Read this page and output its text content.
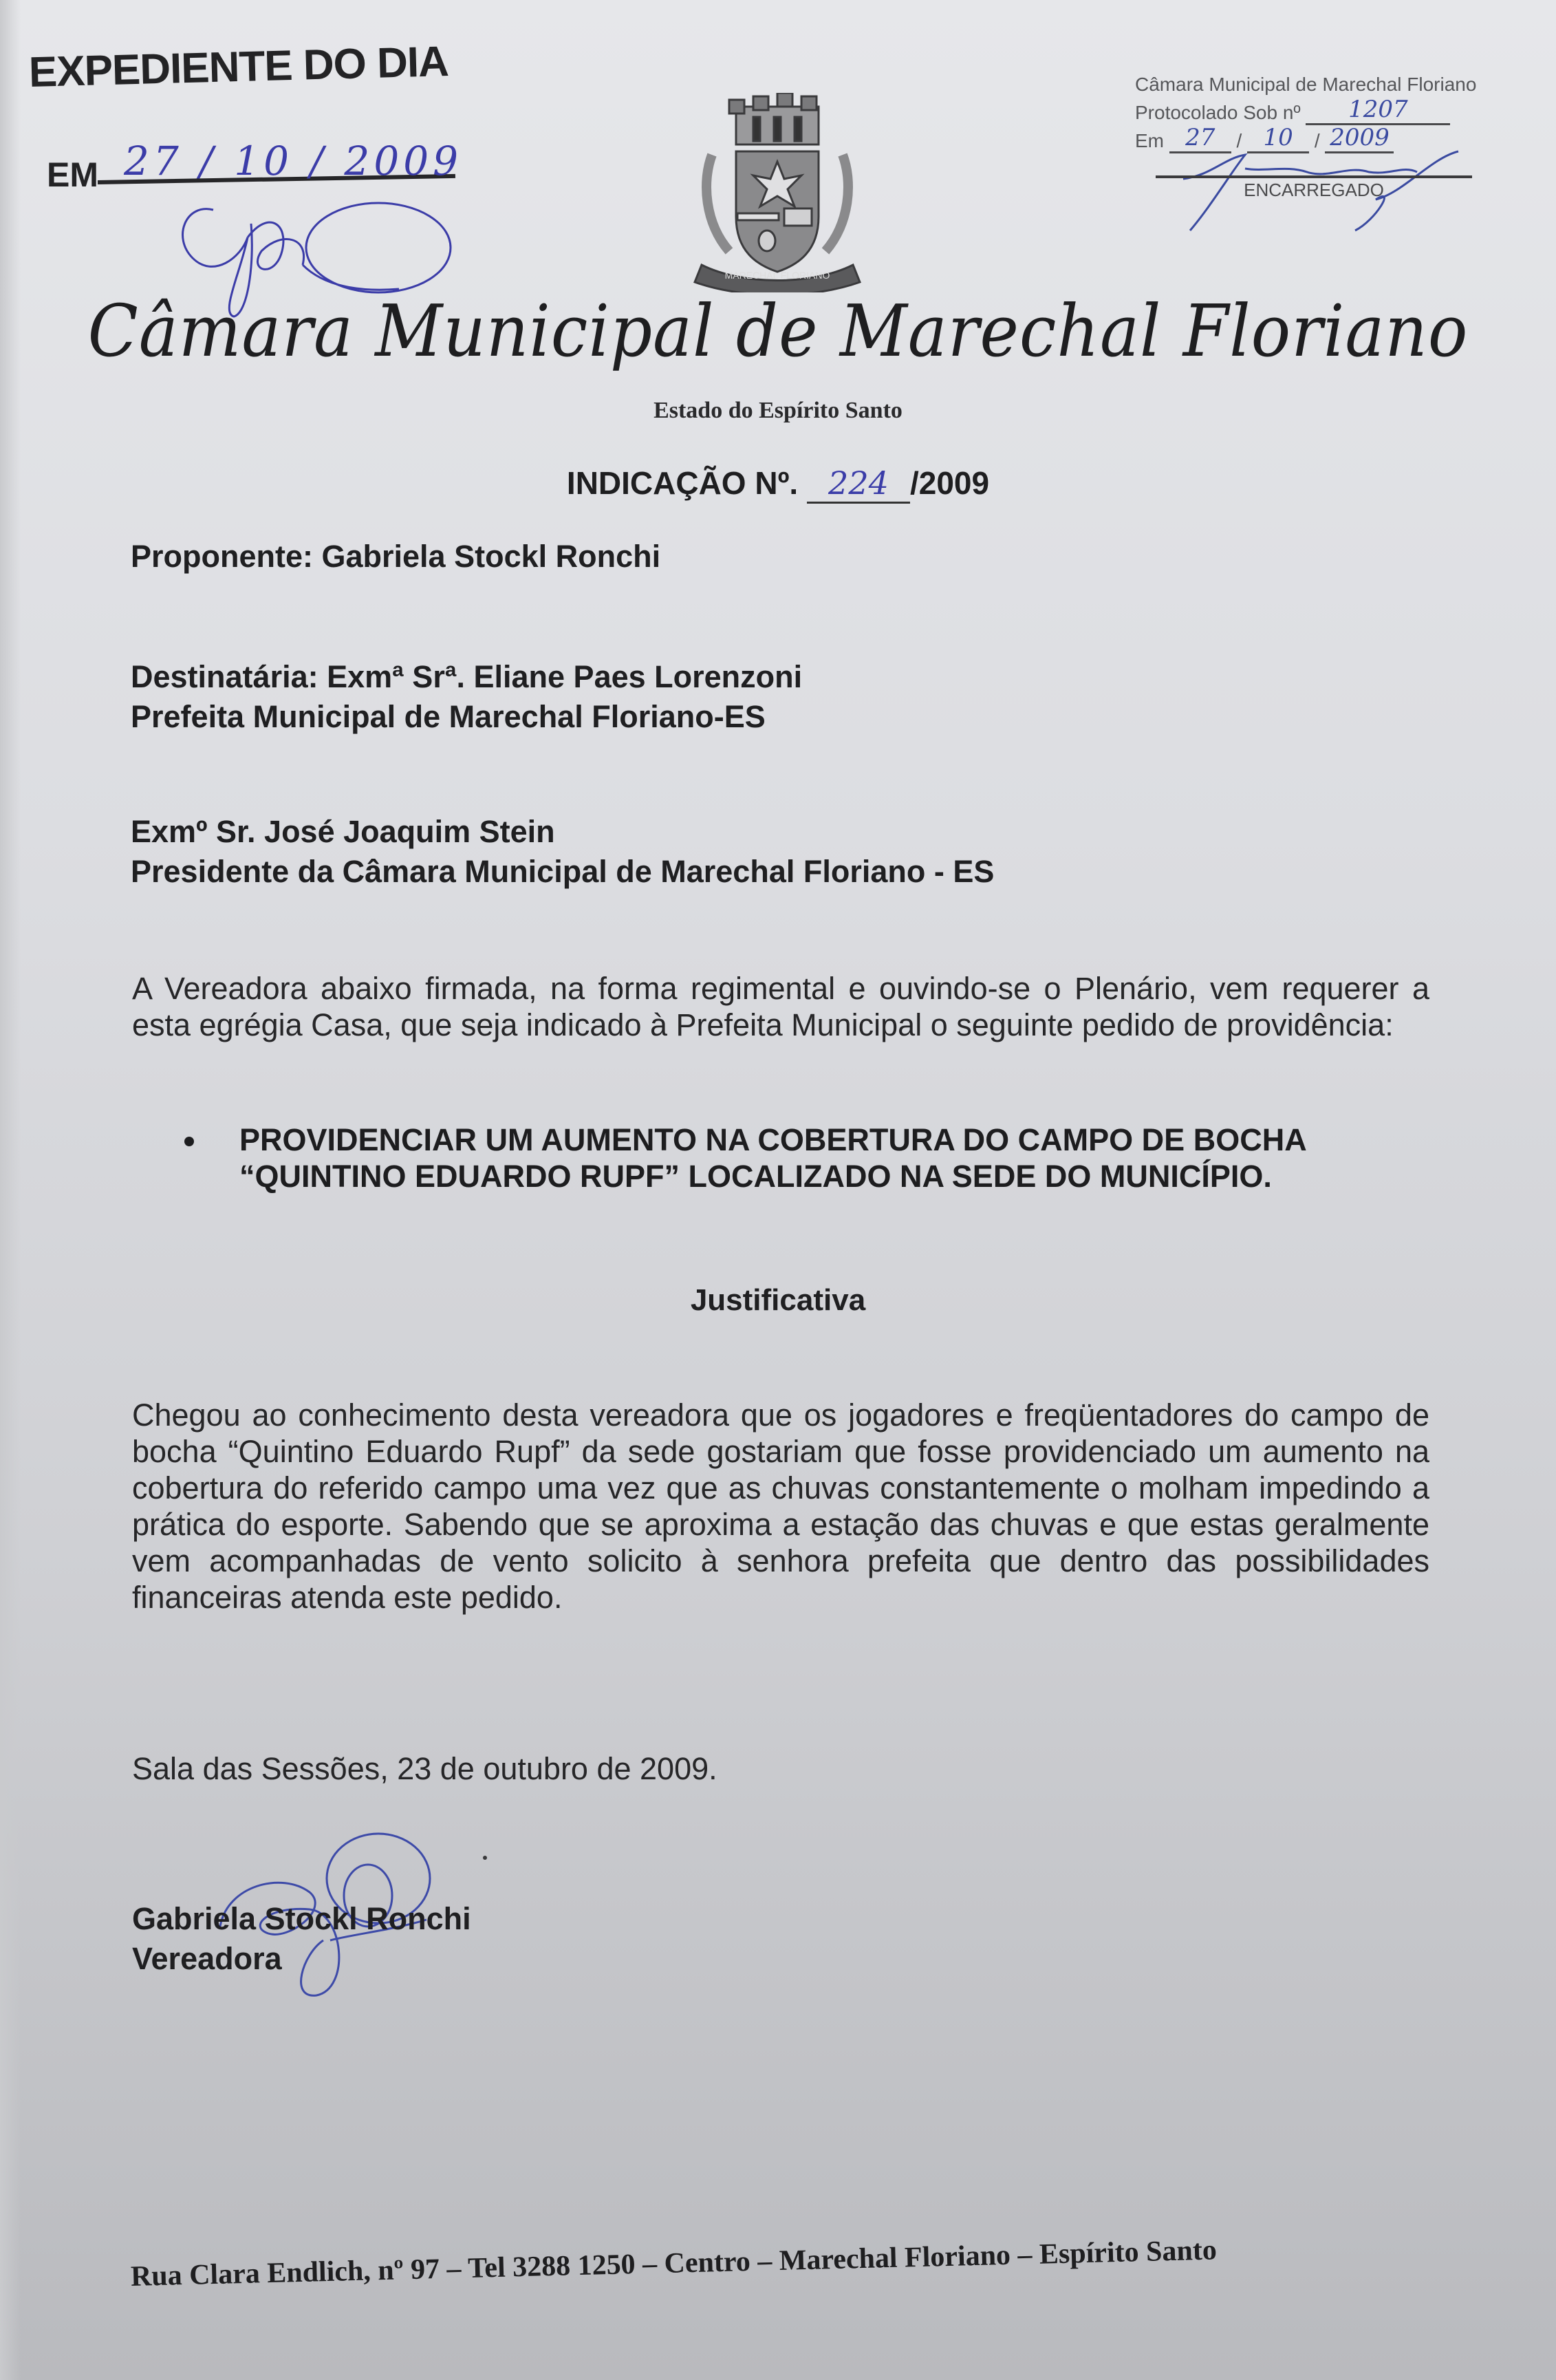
EXPEDIENTE DO DIA
EM 27 / 10 / 2009
Câmara Municipal de Marechal Floriano
Protocolado Sob nº 1207
Em 27 / 10 / 2009
ENCARREGADO
MARECHAL FLORIANO
Câmara Municipal de Marechal Floriano
Estado do Espírito Santo
INDICAÇÃO Nº. 224 /2009
Proponente: Gabriela Stockl Ronchi
Destinatária: Exmª Srª. Eliane Paes Lorenzoni
Prefeita Municipal de Marechal Floriano-ES
Exmº Sr. José Joaquim Stein
Presidente da Câmara Municipal de Marechal Floriano - ES
A Vereadora abaixo firmada, na forma regimental e ouvindo-se o Plenário, vem requerer a esta egrégia Casa, que seja indicado à Prefeita Municipal o seguinte pedido de providência:
PROVIDENCIAR UM AUMENTO NA COBERTURA DO CAMPO DE BOCHA “QUINTINO EDUARDO RUPF” LOCALIZADO NA SEDE DO MUNICÍPIO.
Justificativa
Chegou ao conhecimento desta vereadora que os jogadores e freqüentadores do campo de bocha “Quintino Eduardo Rupf” da sede gostariam que fosse providenciado um aumento na cobertura do referido campo uma vez que as chuvas constantemente o molham impedindo a prática do esporte. Sabendo que se aproxima a estação das chuvas e que estas geralmente vem acompanhadas de vento solicito à senhora prefeita que dentro das possibilidades financeiras atenda este pedido.
Sala das Sessões, 23 de outubro de 2009.
Gabriela Stockl Ronchi
Vereadora
Rua Clara Endlich, nº 97 – Tel 3288 1250 – Centro – Marechal Floriano – Espírito Santo
